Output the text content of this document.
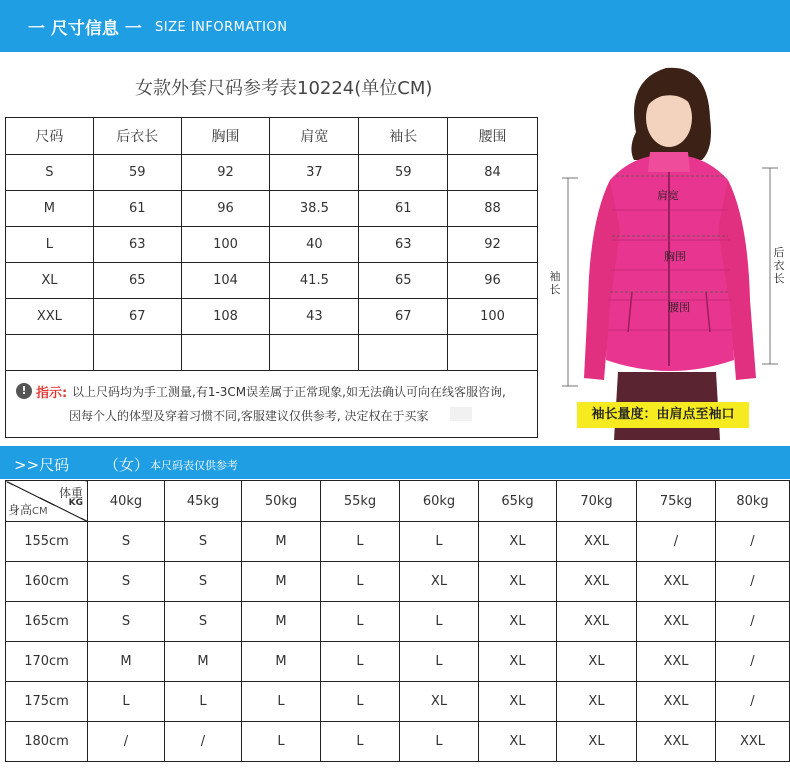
一 尺寸信息 一 SIZE INFORMATION
女款外套尺码参考表10224(单位CM)
尺码	后衣长	胸围	肩宽	袖长	腰围
S	59	92	37	59	84
M	61	96	38.5	61	88
L	63	100	40	63	92
XL	65	104	41.5	65	96
XXL	67	108	43	67	100

! 指示: 以上尺码均为手工测量,有1-3CM误差属于正常现象,如无法确认可向在线客服咨询,
因每个人的体型及穿着习惯不同,客服建议仅供参考, 决定权在于买家
肩宽
胸围
腰围
袖长
后衣长
袖长量度：由肩点至袖口
>>尺码 （女） 本尺码表仅供参考
体重
KG
身高CM	40kg	45kg	50kg	55kg	60kg	65kg	70kg	75kg	80kg
155cm	S	S	M	L	L	XL	XXL	/	/
160cm	S	S	M	L	XL	XL	XXL	XXL	/
165cm	S	S	M	L	L	XL	XXL	XXL	/
170cm	M	M	M	L	L	XL	XL	XXL	/
175cm	L	L	L	L	XL	XL	XL	XXL	/
180cm	/	/	L	L	L	XL	XL	XXL	XXL
